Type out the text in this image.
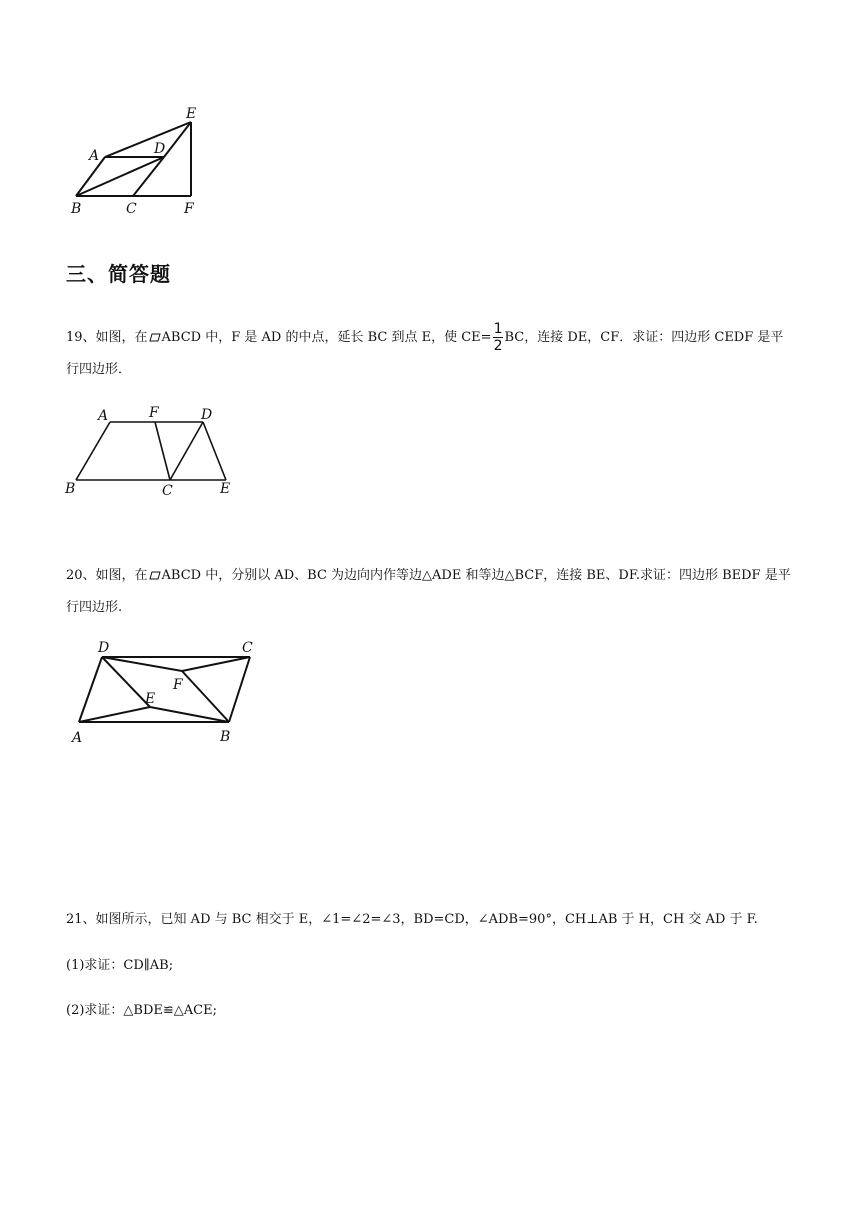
A	D
E
B	C	F
三、简答题
19、如图，在 ABCD 中，F 是 AD 的中点，延长 BC 到点 E，使 $CE= \frac{1}{2}$ BC，连接 DE，CF．求证：四边形 CEDF 是平行四边形．
A	F	D
B	C	E
20、如图，在 ABCD 中，分别以 AD、BC 为边向内作等边△ADE 和等边△BCF，连接 BE、DF.求证：四边形 BEDF 是平行四边形.
D	C
F
E
A	B
21、如图所示，已知 AD 与 BC 相交于 E，∠1=∠2=∠3，BD=CD，∠ADB=90°，CH⊥AB 于 H，CH 交 AD 于 F.
(1)求证：CD∥AB;
(2)求证：△BDE≌△ACE;
